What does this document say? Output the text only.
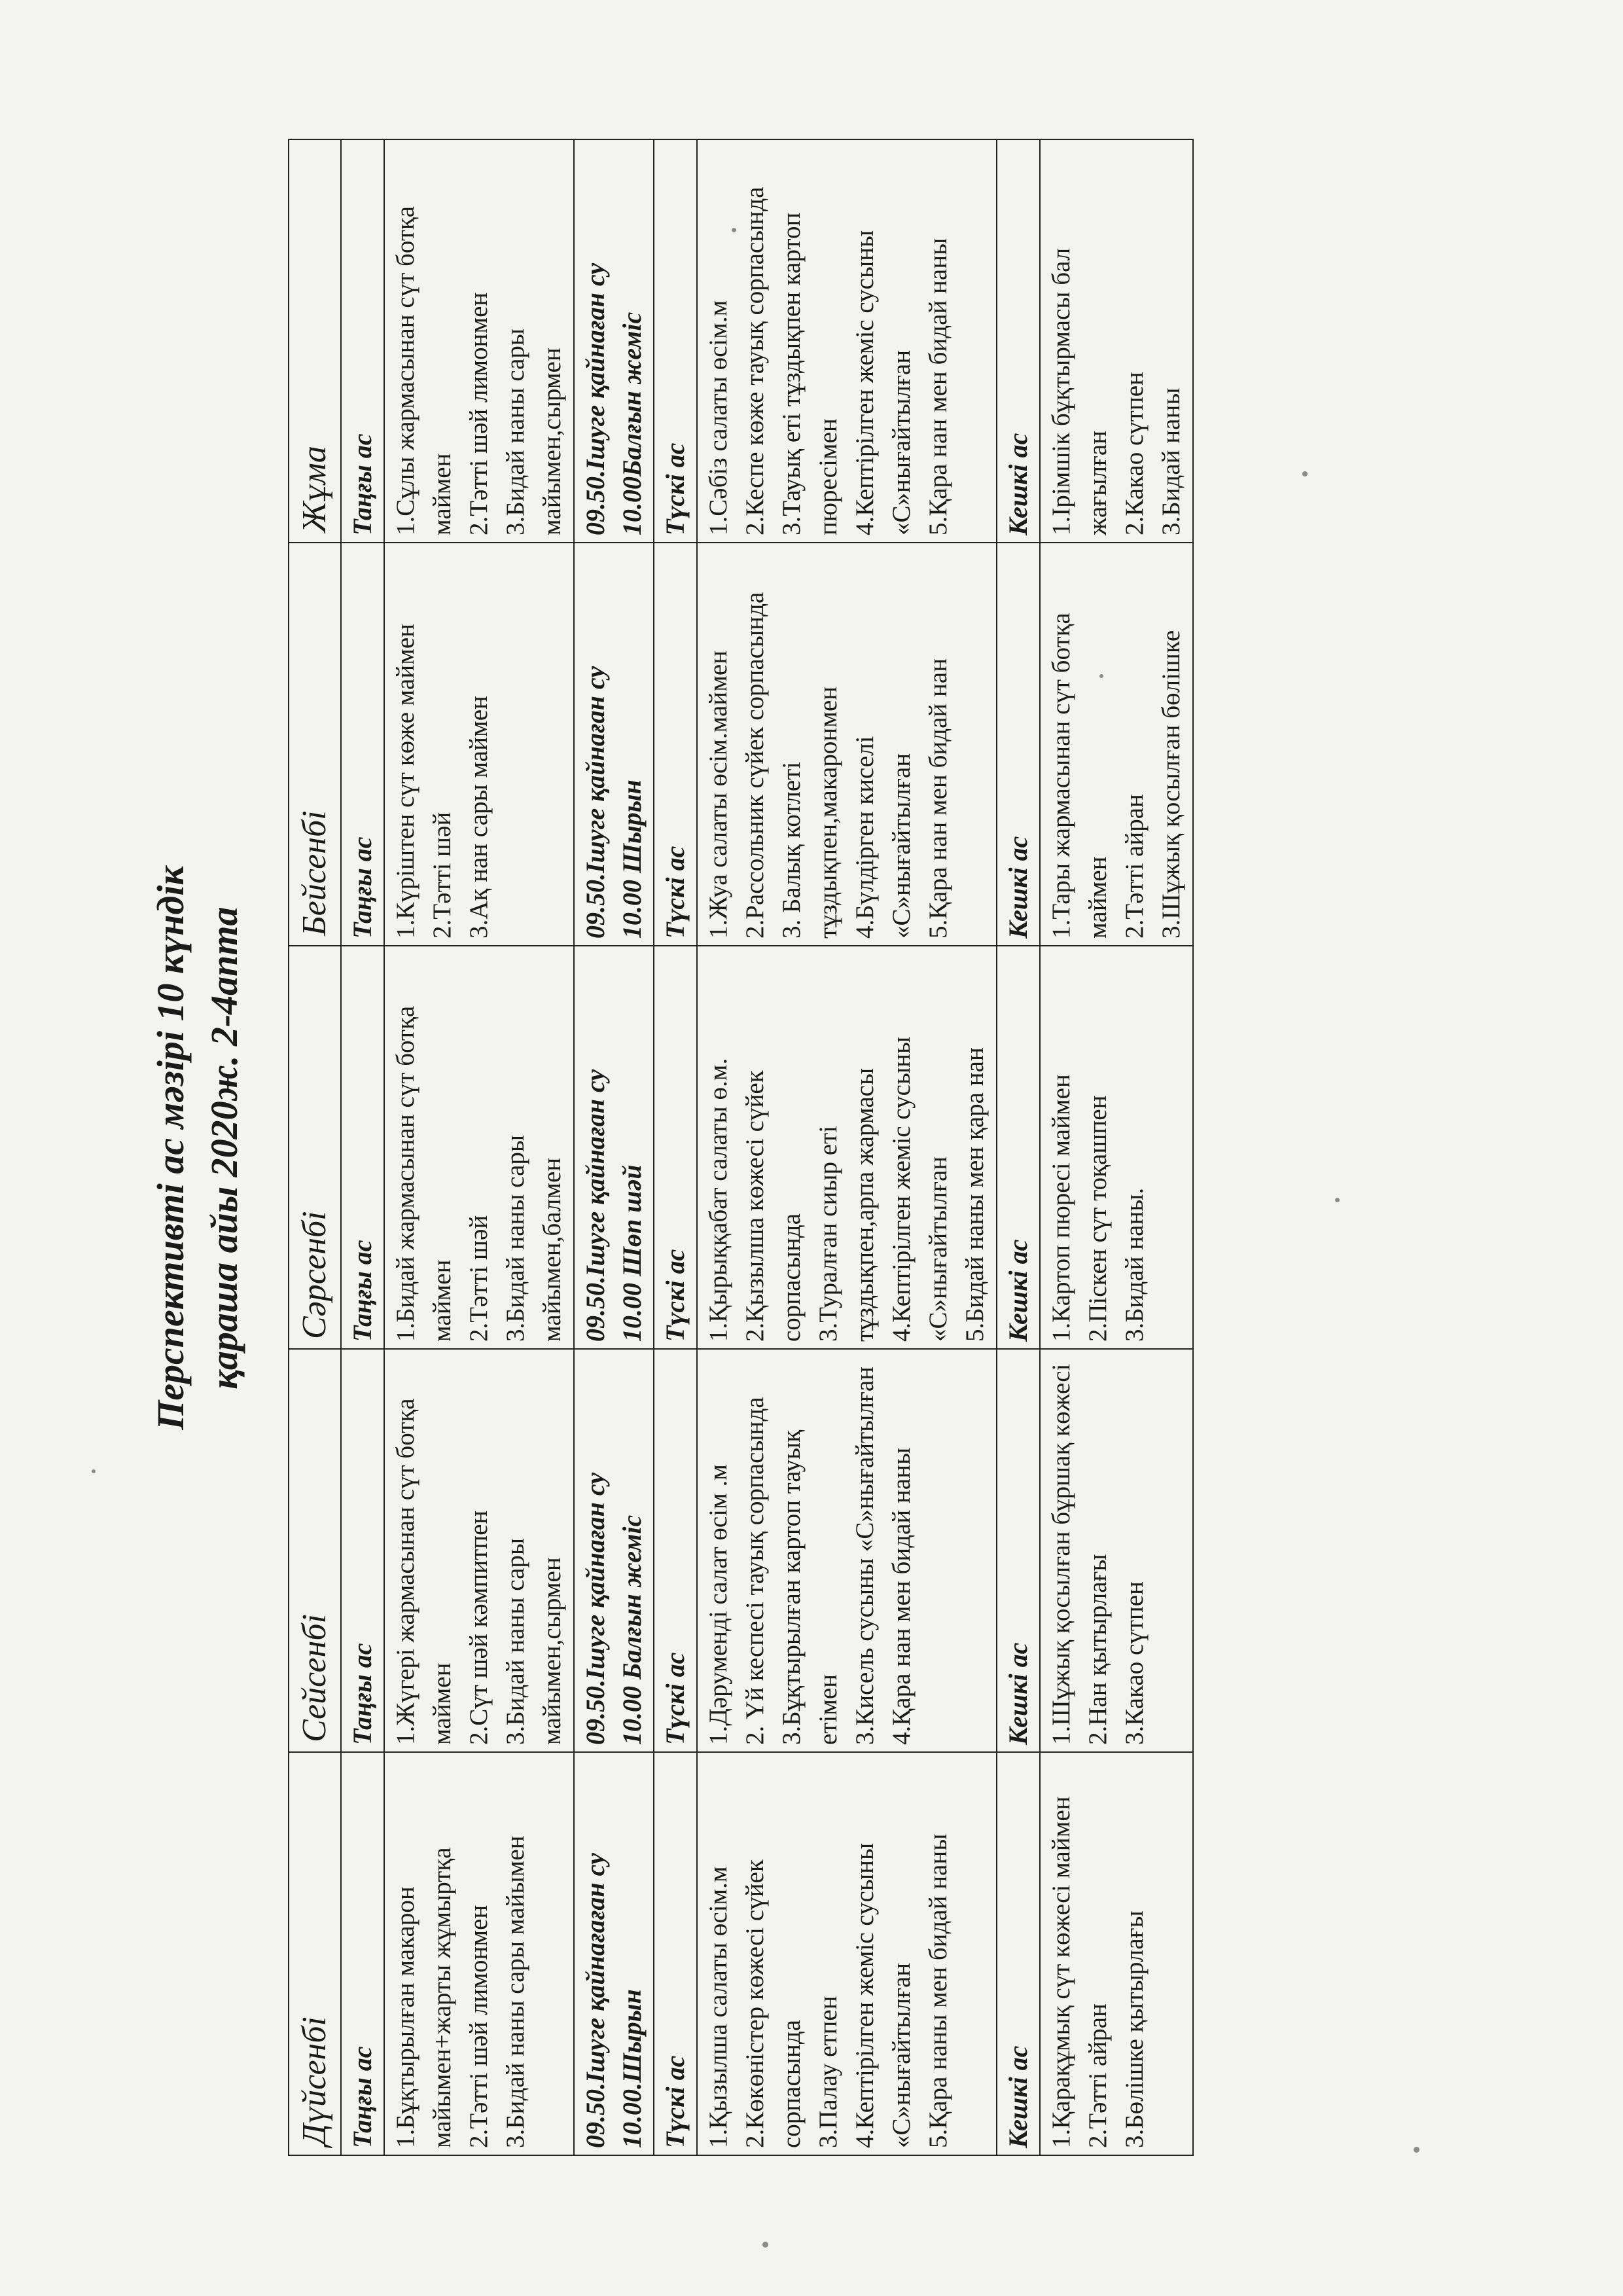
Перспективті ас мәзірі 10 күндік қараша айы 2020ж. 2-4апта
Дүйсенбі	Сейсенбі	Сәрсенбі	Бейсенбі	Жұма
Таңғы ас	Таңғы ас	Таңғы ас	Таңғы ас	Таңғы ас

1.Бұқтырылған макарон майымен+жарты жұмыртқа 2.Тәтті шәй лимонмен 3.Бидай наны сары майымен	1.Жүгері жармасынан сүт ботқа маймен 2.Сүт шәй кәмпитпен 3.Бидай наны сары майымен,сырмен	1.Бидай жармасынан сүт ботқа маймен 2.Тәтті шәй 3.Бидай наны сары майымен,балмен	1.Күріштен сүт көже маймен 2.Тәтті шәй 3.Ақ нан сары маймен	1.Сұлы жармасынан сүт ботқа маймен 2.Тәтті шәй лимонмен 3.Бидай наны сары майымен,сырмен

09.50.Ішуге қайнағаған су 10.00.Шырын	09.50.Ішуге қайнаған су 10.00 Балғын жеміс	09.50.Ішуге қайнаған су 10.00 Шөп шәй	09.50.Ішуге қайнаған су 10.00 Шырын	09.50.Ішуге қайнаған су 10.00Балғын жеміс

Түскі ас	Түскі ас	Түскі ас	Түскі ас	Түскі ас

1.Қызылша салаты өсім.м 2.Көкөністер көжесі сүйек сорпасында 3.Палау етпен 4.Кептірілген жеміс сусыны «С»нығайтылған 5.Қара наны мен бидай наны	1.Дәрумендi салат өсім .м 2. Үй кеспесі тауық сорпасында 3.Бұқтырылған картоп тауық етімен 3.Кисель сусыны «С»нығайтылған 4.Қара нан мен бидай наны	1.Қырыққабат салаты ө.м. 2.Қызылша көжесі сүйек сорпасында 3.Туралған сиыр еті тұздықпен,арпа жармасы 4.Кептірілген жеміс сусыны «С»нығайтылған 5.Бидай наны мен қара нан	1.Жуа салаты өсім.маймен 2.Рассольник сүйек сорпасында 3. Балық котлеті тұздықпен,макаронмен 4.Бүлдірген киселі «С»нығайтылған 5.Қара нан мен бидай нан	1.Сәбіз салаты өсім.м 2.Кеспе көже тауық сорпасында 3.Тауық еті тұздықпен картоп пюресімен 4.Кептірілген жеміс сусыны «С»нығайтылған 5.Қара нан мен бидай наны

Кешкі ас	Кешкі ас	Кешкі ас	Кешкі ас	Кешкі ас

1.Қарақұмық сүт көжесі маймен 2.Тәтті айран 3.Бөлішке қытырлағы	1.Шұжық қосылған бұршақ көжесі 2.Нан қытырлағы 3.Какао сүтпен	1.Картоп пюресі маймен 2.Піскен сүт тоқашпен 3.Бидай наны.	1.Тары жармасынан сүт ботқа маймен 2.Тәтті айран 3.Шұжық қосылған бөлішке	1.Ірімшік бұқтырмасы бал жағылған 2.Какао сүтпен 3.Бидай наны
